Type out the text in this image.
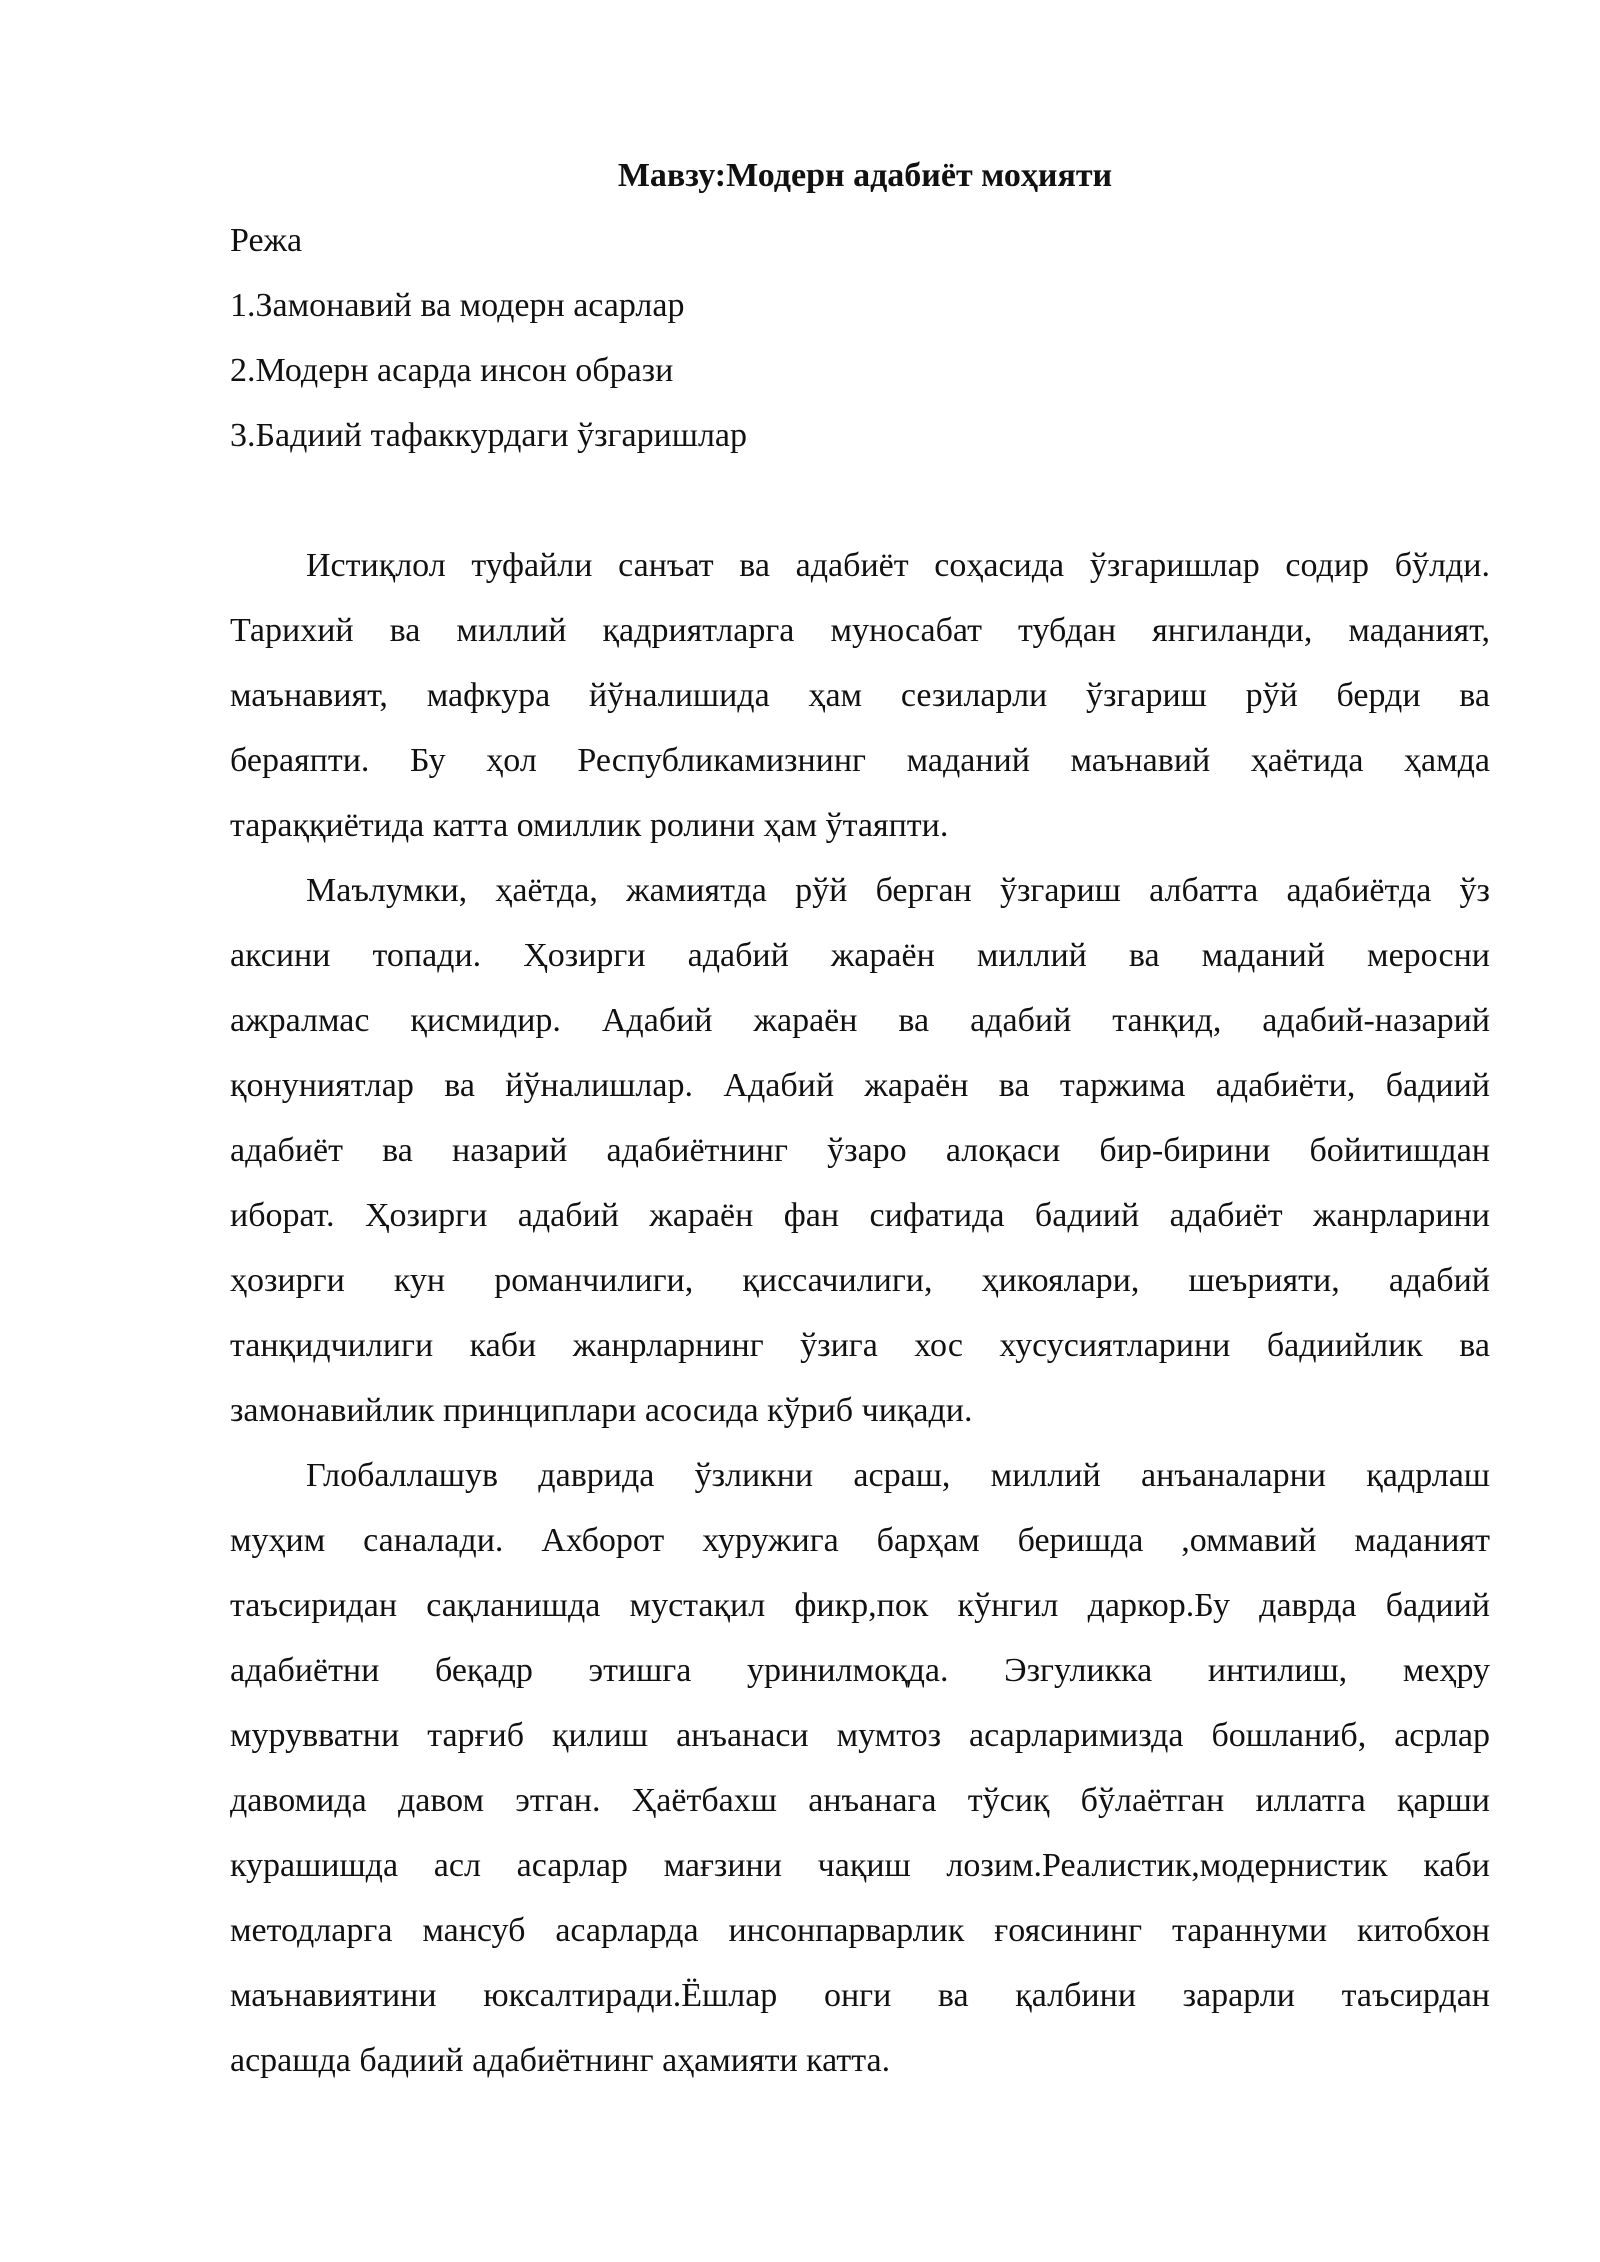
Мавзу:Модерн адабиёт моҳияти
Режа
1.Замонавий ва модерн асарлар
2.Модерн асарда инсон образи
3.Бадиий тафаккурдаги ўзгаришлар
Истиқлол туфайли санъат ва адабиёт соҳасида ўзгаришлар содир бўлди.
Тарихий ва миллий қадриятларга муносабат тубдан янгиланди, маданият,
маънавият, мафкура йўналишида ҳам сезиларли ўзгариш рўй берди ва
бераяпти. Бу ҳол Республикамизнинг маданий маънавий ҳаётида ҳамда
тараққиётида катта омиллик ролини ҳам ўтаяпти.
Маълумки, ҳаётда, жамиятда рўй берган ўзгариш албатта адабиётда ўз
аксини топади. Ҳозирги адабий жараён миллий ва маданий меросни
ажралмас қисмидир. Адабий жараён ва адабий танқид, адабий-назарий
қонуниятлар ва йўналишлар. Адабий жараён ва таржима адабиёти, бадиий
адабиёт ва назарий адабиётнинг ўзаро алоқаси бир-бирини бойитишдан
иборат. Ҳозирги адабий жараён фан сифатида бадиий адабиёт жанрларини
ҳозирги кун романчилиги, қиссачилиги, ҳикоялари, шеърияти, адабий
танқидчилиги каби жанрларнинг ўзига хос хусусиятларини бадиийлик ва
замонавийлик принциплари асосида кўриб чиқади.
Глобаллашув даврида ўзликни асраш, миллий анъаналарни қадрлаш
муҳим саналади. Ахборот хуружига барҳам беришда ,оммавий маданият
таъсиридан сақланишда мустақил фикр,пок кўнгил даркор.Бу даврда бадиий
адабиётни беқадр этишга уринилмоқда. Эзгуликка интилиш, меҳру
мурувватни тарғиб қилиш анъанаси мумтоз асарларимизда бошланиб, асрлар
давомида давом этган. Ҳаётбахш анъанага тўсиқ бўлаётган иллатга қарши
курашишда асл асарлар мағзини чақиш лозим.Реалистик,модернистик каби
методларга мансуб асарларда инсонпарварлик ғоясининг тараннуми китобхон
маънавиятини юксалтиради.Ёшлар онги ва қалбини зарарли таъсирдан
асрашда бадиий адабиётнинг аҳамияти катта.
